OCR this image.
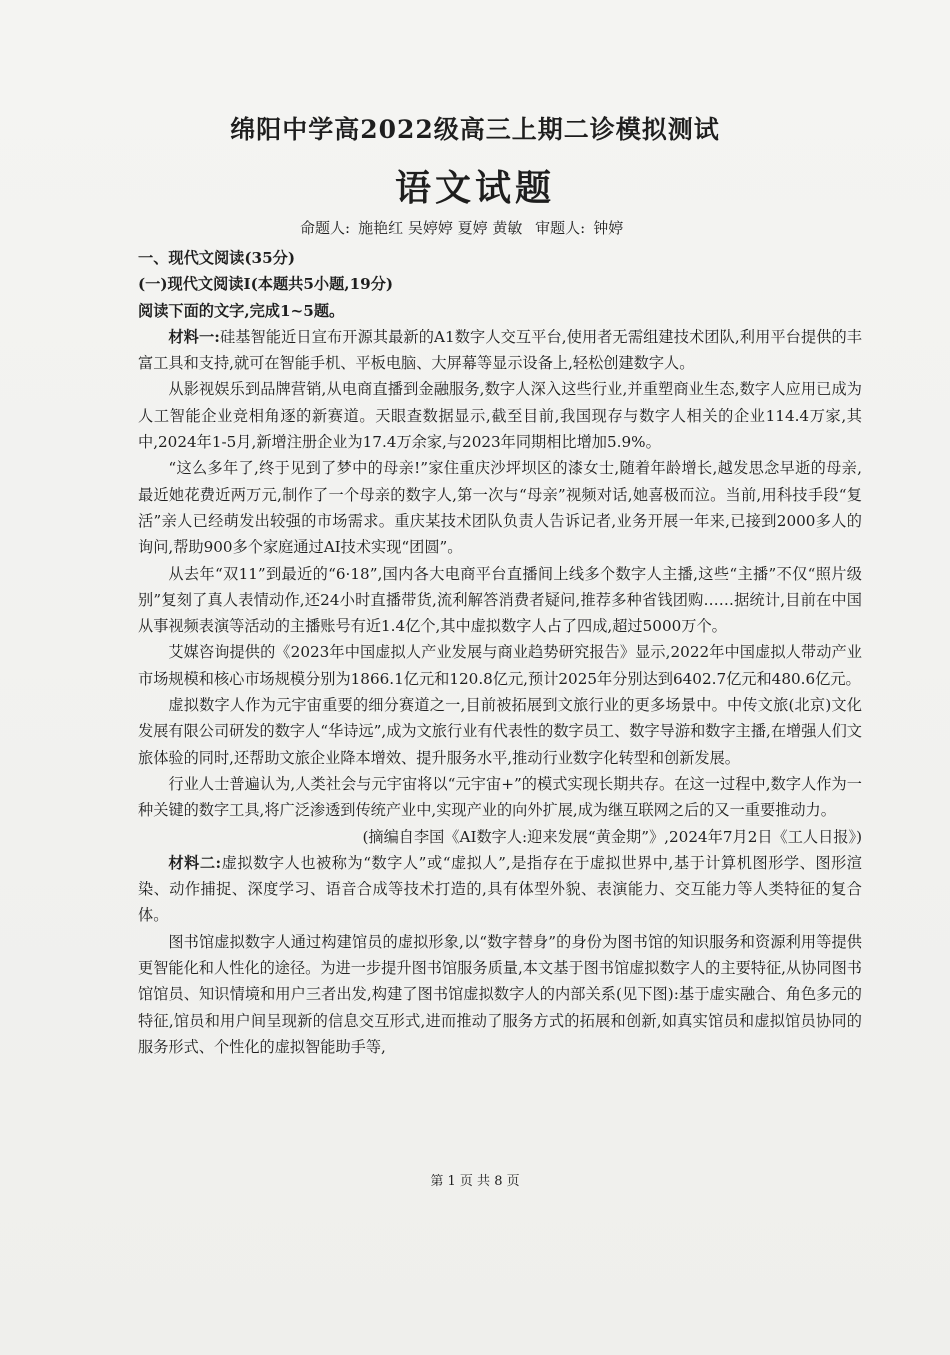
绵阳中学高2022级高三上期二诊模拟测试
语文试题
命题人: 施艳红 吴婷婷 夏婷 黄敏 审题人: 钟婷

一、现代文阅读(35分)

(一)现代文阅读Ⅰ(本题共5小题,19分)

阅读下面的文字,完成1~5题。

材料一:硅基智能近日宣布开源其最新的A1数字人交互平台,使用者无需组建技术团队,利用平台提供的丰富工具和支持,就可在智能手机、平板电脑、大屏幕等显示设备上,轻松创建数字人。

从影视娱乐到品牌营销,从电商直播到金融服务,数字人深入这些行业,并重塑商业生态,数字人应用已成为人工智能企业竞相角逐的新赛道。天眼查数据显示,截至目前,我国现存与数字人相关的企业114.4万家,其中,2024年1-5月,新增注册企业为17.4万余家,与2023年同期相比增加5.9%。

“这么多年了,终于见到了梦中的母亲!”家住重庆沙坪坝区的漆女士,随着年龄增长,越发思念早逝的母亲,最近她花费近两万元,制作了一个母亲的数字人,第一次与“母亲”视频对话,她喜极而泣。当前,用科技手段“复活”亲人已经萌发出较强的市场需求。重庆某技术团队负责人告诉记者,业务开展一年来,已接到2000多人的询问,帮助900多个家庭通过AI技术实现“团圆”。

从去年“双11”到最近的“6·18”,国内各大电商平台直播间上线多个数字人主播,这些“主播”不仅“照片级别”复刻了真人表情动作,还24小时直播带货,流利解答消费者疑问,推荐多种省钱团购……据统计,目前在中国从事视频表演等活动的主播账号有近1.4亿个,其中虚拟数字人占了四成,超过5000万个。

艾媒咨询提供的《2023年中国虚拟人产业发展与商业趋势研究报告》显示,2022年中国虚拟人带动产业市场规模和核心市场规模分别为1866.1亿元和120.8亿元,预计2025年分别达到6402.7亿元和480.6亿元。

虚拟数字人作为元宇宙重要的细分赛道之一,目前被拓展到文旅行业的更多场景中。中传文旅(北京)文化发展有限公司研发的数字人“华诗远”,成为文旅行业有代表性的数字员工、数字导游和数字主播,在增强人们文旅体验的同时,还帮助文旅企业降本增效、提升服务水平,推动行业数字化转型和创新发展。

行业人士普遍认为,人类社会与元宇宙将以“元宇宙+”的模式实现长期共存。在这一过程中,数字人作为一种关键的数字工具,将广泛渗透到传统产业中,实现产业的向外扩展,成为继互联网之后的又一重要推动力。

(摘编自李国《AI数字人:迎来发展“黄金期”》,2024年7月2日《工人日报》)

材料二:虚拟数字人也被称为“数字人”或“虚拟人”,是指存在于虚拟世界中,基于计算机图形学、图形渲染、动作捕捉、深度学习、语音合成等技术打造的,具有体型外貌、表演能力、交互能力等人类特征的复合体。

图书馆虚拟数字人通过构建馆员的虚拟形象,以“数字替身”的身份为图书馆的知识服务和资源利用等提供更智能化和人性化的途径。为进一步提升图书馆服务质量,本文基于图书馆虚拟数字人的主要特征,从协同图书馆馆员、知识情境和用户三者出发,构建了图书馆虚拟数字人的内部关系(见下图):基于虚实融合、角色多元的特征,馆员和用户间呈现新的信息交互形式,进而推动了服务方式的拓展和创新,如真实馆员和虚拟馆员协同的服务形式、个性化的虚拟智能助手等,

第 1 页 共 8 页
